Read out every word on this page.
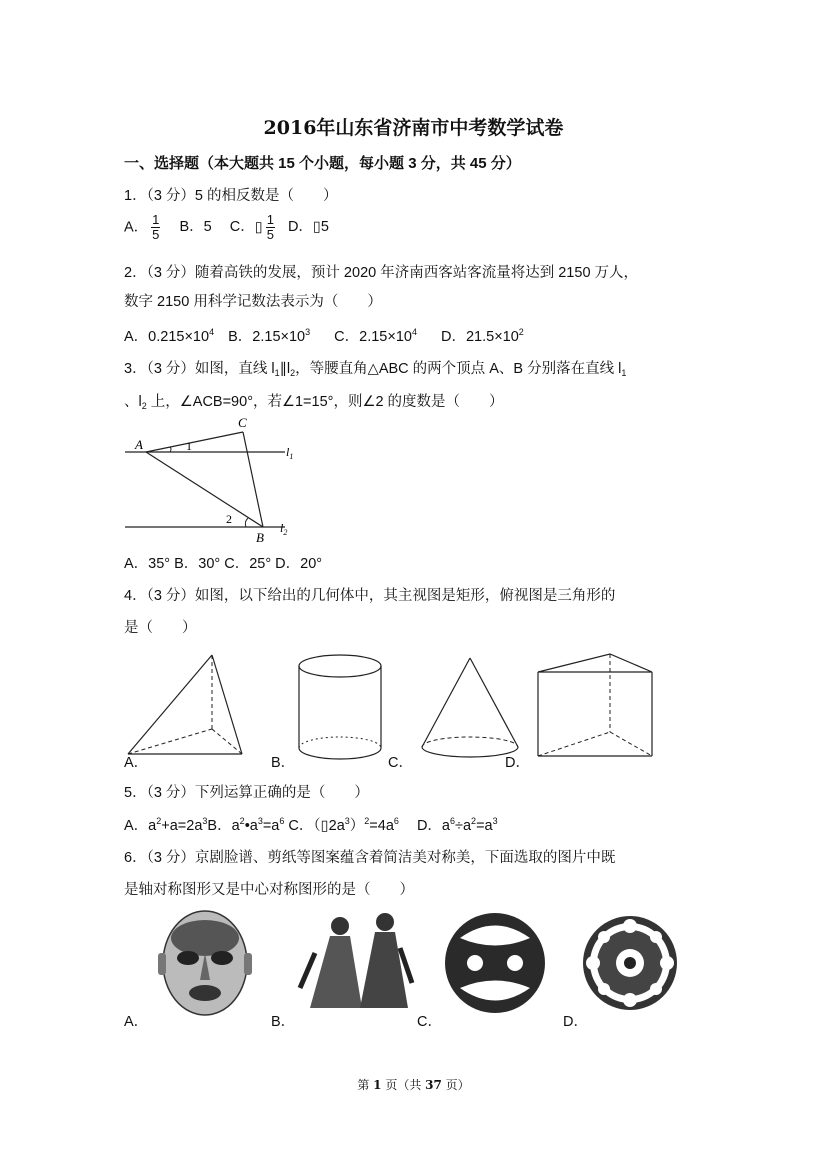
2016年山东省济南市中考数学试卷
一、选择题（本大题共 15 个小题，每小题 3 分，共 45 分）
1．（3 分）5 的相反数是（　　）
A． $\frac{1}{5}$ B．5 C．▯ $\frac{1}{5}$ D．▯5
2．（3 分）随着高铁的发展，预计 2020 年济南西客站客流量将达到 2150 万人，
数字 2150 用科学记数法表示为（　　）
A．$0.215\times 10^4$ B．$2.15\times 10^3$ C．$2.15\times 10^4$ D．$21.5\times 10^2$
3．（3 分）如图，直线 $l_1\parallel l_2$，等腰直角△ABC 的两个顶点 A、B 分别落在直线 $l_1$
、$l_2$ 上，∠ACB=90°，若∠1=15°，则∠2 的度数是（　　）
A
C
B
1
2
$l_1$
$l_2$
A．35° B．30° C．25° D．20°
4．（3 分）如图，以下给出的几何体中，其主视图是矩形，俯视图是三角形的
是（　　）
A．	B．	C．	D．
5．（3 分）下列运算正确的是（　　）
A．$a^2+a=2a^3B$．$a^2•a^3=a^6$ C．$(▯2a^3)^2=4a^6$ D．$a^6\div a^2=a^3$
6．（3 分）京剧脸谱、剪纸等图案蕴含着简洁美对称美，下面选取的图片中既
是轴对称图形又是中心对称图形的是（　　）
A．	B．	C．	D．
第 1 页（共 37 页）
